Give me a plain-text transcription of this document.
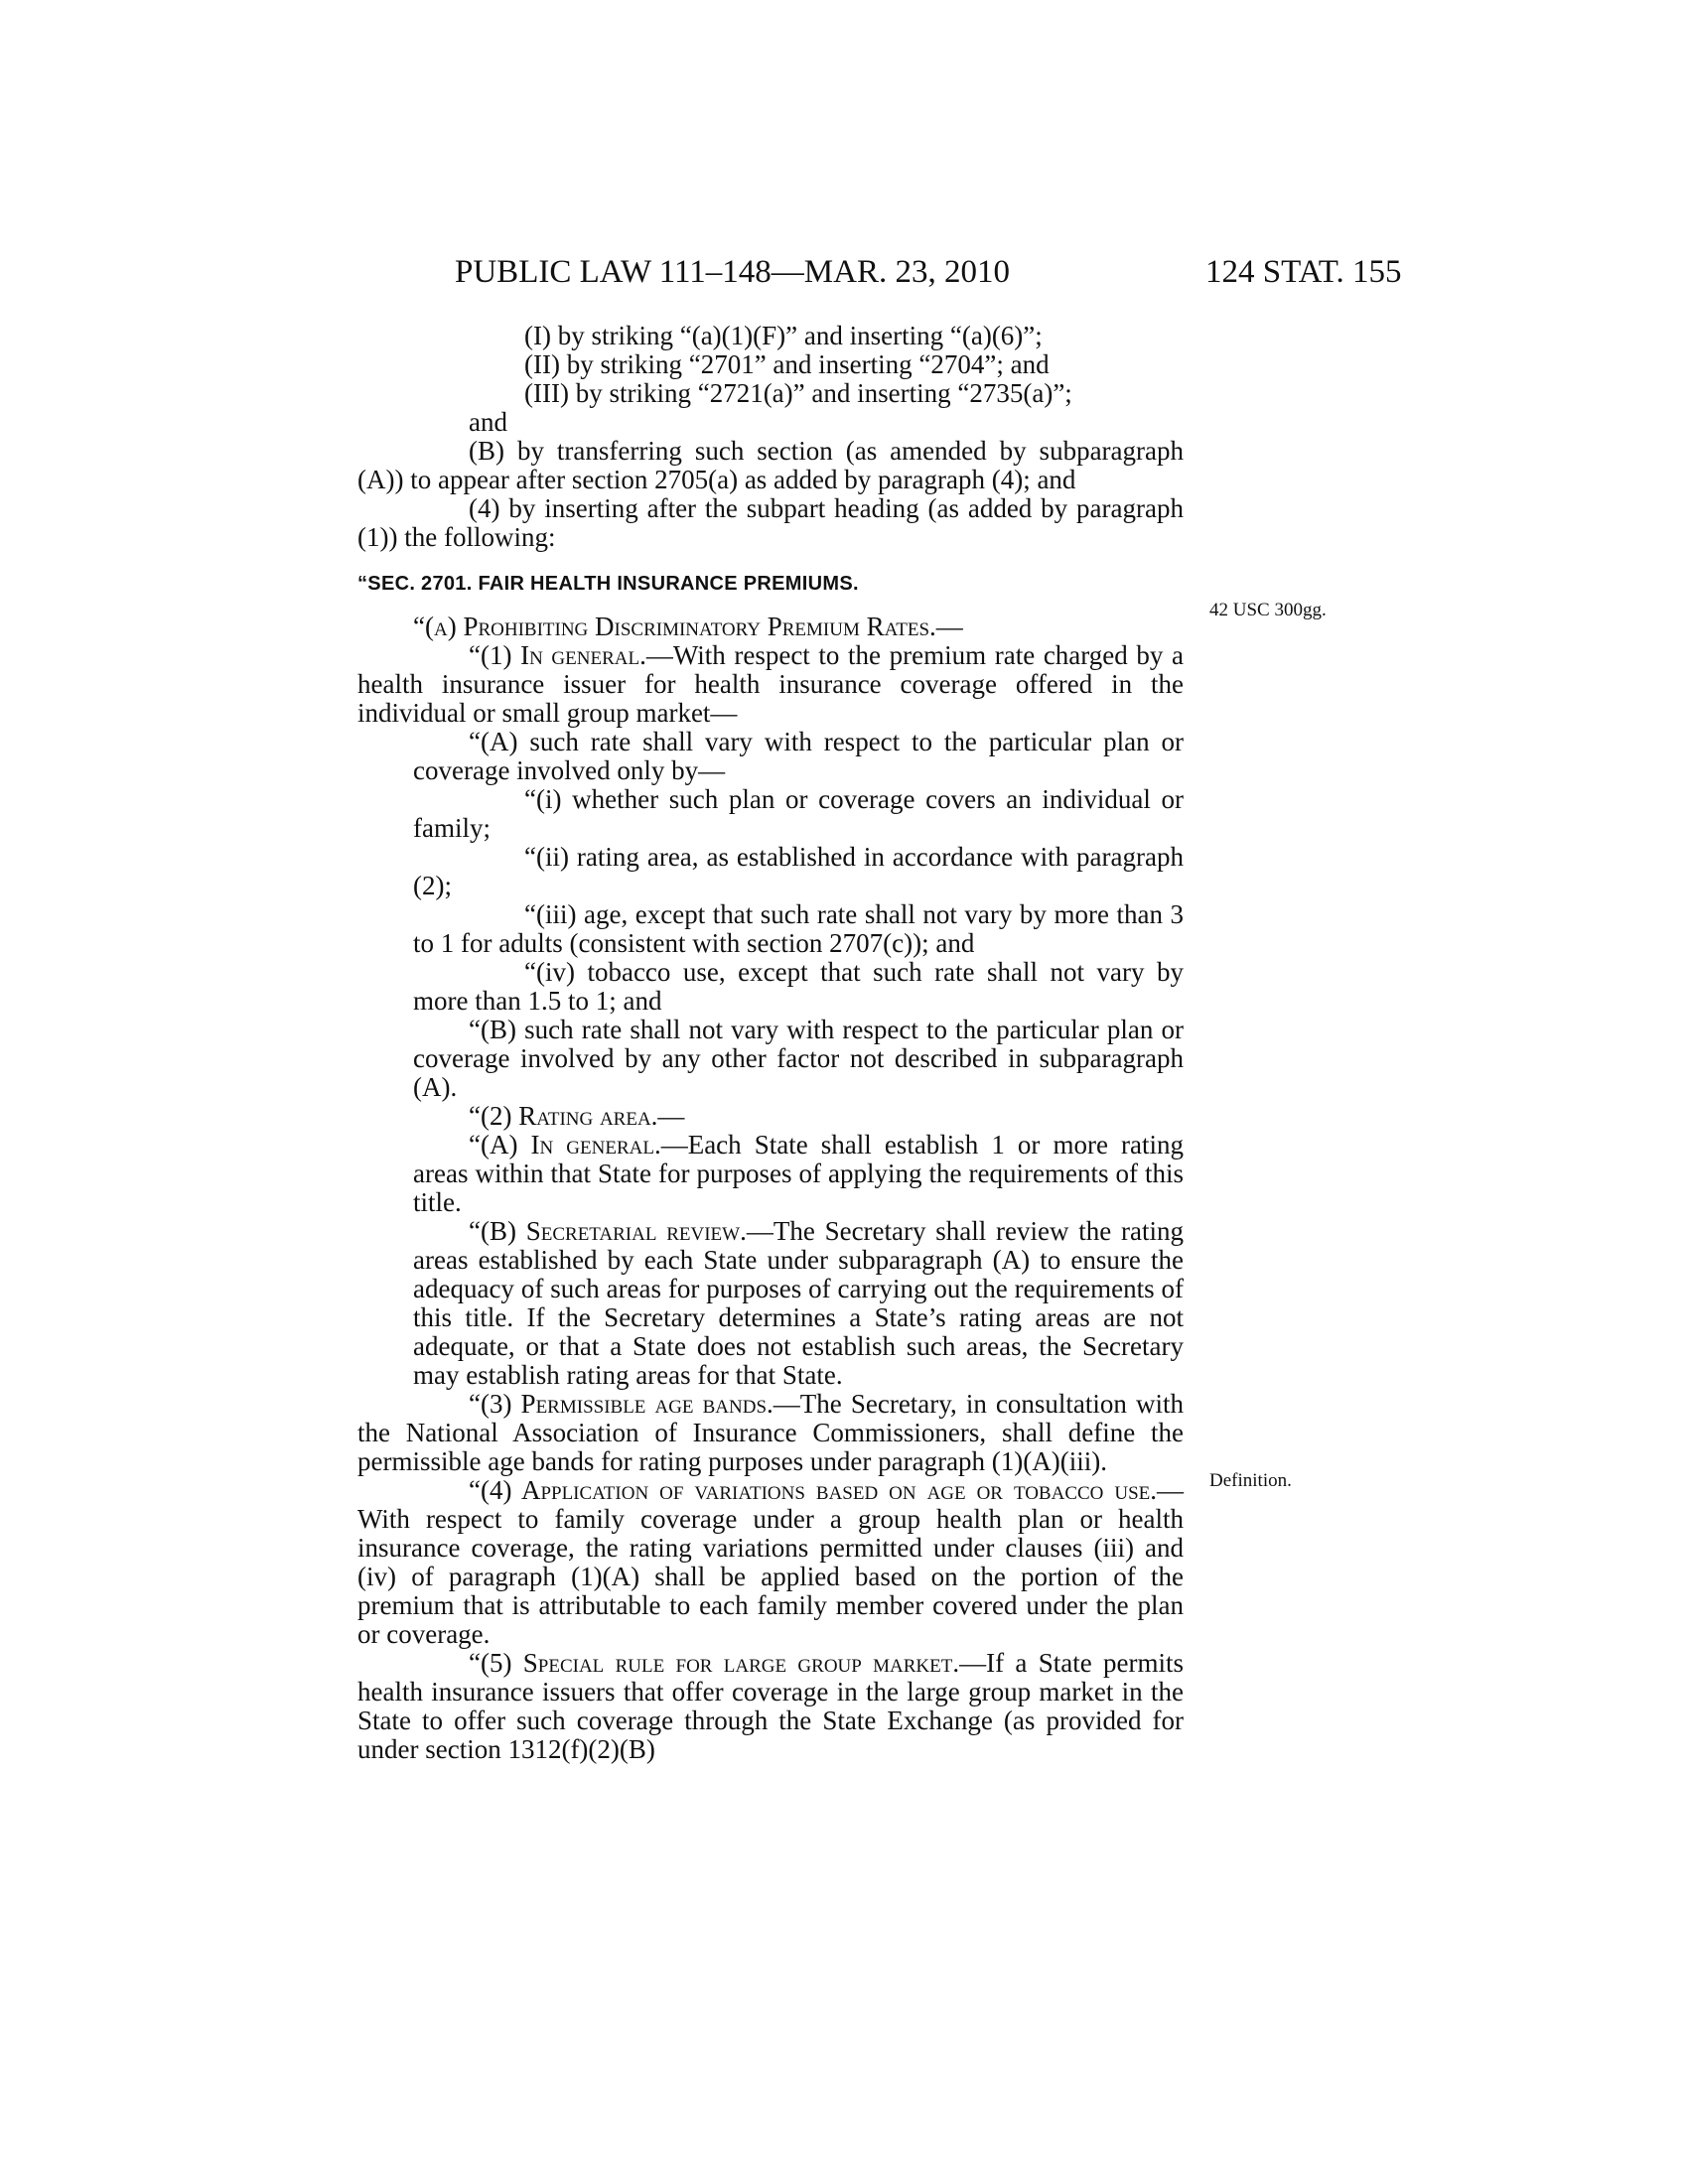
PUBLIC LAW 111–148—MAR. 23, 2010	124 STAT. 155
42 USC 300gg.
Definition.

(I) by striking “(a)(1)(F)” and inserting “(a)(6)”;

(II) by striking “2701” and inserting “2704”; and

(III) by striking “2721(a)” and inserting “2735(a)”;

and

(B) by transferring such section (as amended by subparagraph (A)) to appear after section 2705(a) as added by paragraph (4); and

(4) by inserting after the subpart heading (as added by paragraph (1)) the following:

“SEC. 2701. FAIR HEALTH INSURANCE PREMIUMS.

“(a) Prohibiting Discriminatory Premium Rates.—

“(1) In general.—With respect to the premium rate charged by a health insurance issuer for health insurance coverage offered in the individual or small group market—

“(A) such rate shall vary with respect to the particular plan or coverage involved only by—

“(i) whether such plan or coverage covers an individual or family;

“(ii) rating area, as established in accordance with paragraph (2);

“(iii) age, except that such rate shall not vary by more than 3 to 1 for adults (consistent with section 2707(c)); and

“(iv) tobacco use, except that such rate shall not vary by more than 1.5 to 1; and

“(B) such rate shall not vary with respect to the particular plan or coverage involved by any other factor not described in subparagraph (A).

“(2) Rating area.—

“(A) In general.—Each State shall establish 1 or more rating areas within that State for purposes of applying the requirements of this title.

“(B) Secretarial review.—The Secretary shall review the rating areas established by each State under subparagraph (A) to ensure the adequacy of such areas for purposes of carrying out the requirements of this title. If the Secretary determines a State’s rating areas are not adequate, or that a State does not establish such areas, the Secretary may establish rating areas for that State.

“(3) Permissible age bands.—The Secretary, in consultation with the National Association of Insurance Commissioners, shall define the permissible age bands for rating purposes under paragraph (1)(A)(iii).

“(4) Application of variations based on age or tobacco use.—With respect to family coverage under a group health plan or health insurance coverage, the rating variations permitted under clauses (iii) and (iv) of paragraph (1)(A) shall be applied based on the portion of the premium that is attributable to each family member covered under the plan or coverage.

“(5) Special rule for large group market.—If a State permits health insurance issuers that offer coverage in the large group market in the State to offer such coverage through the State Exchange (as provided for under section 1312(f)(2)(B)
